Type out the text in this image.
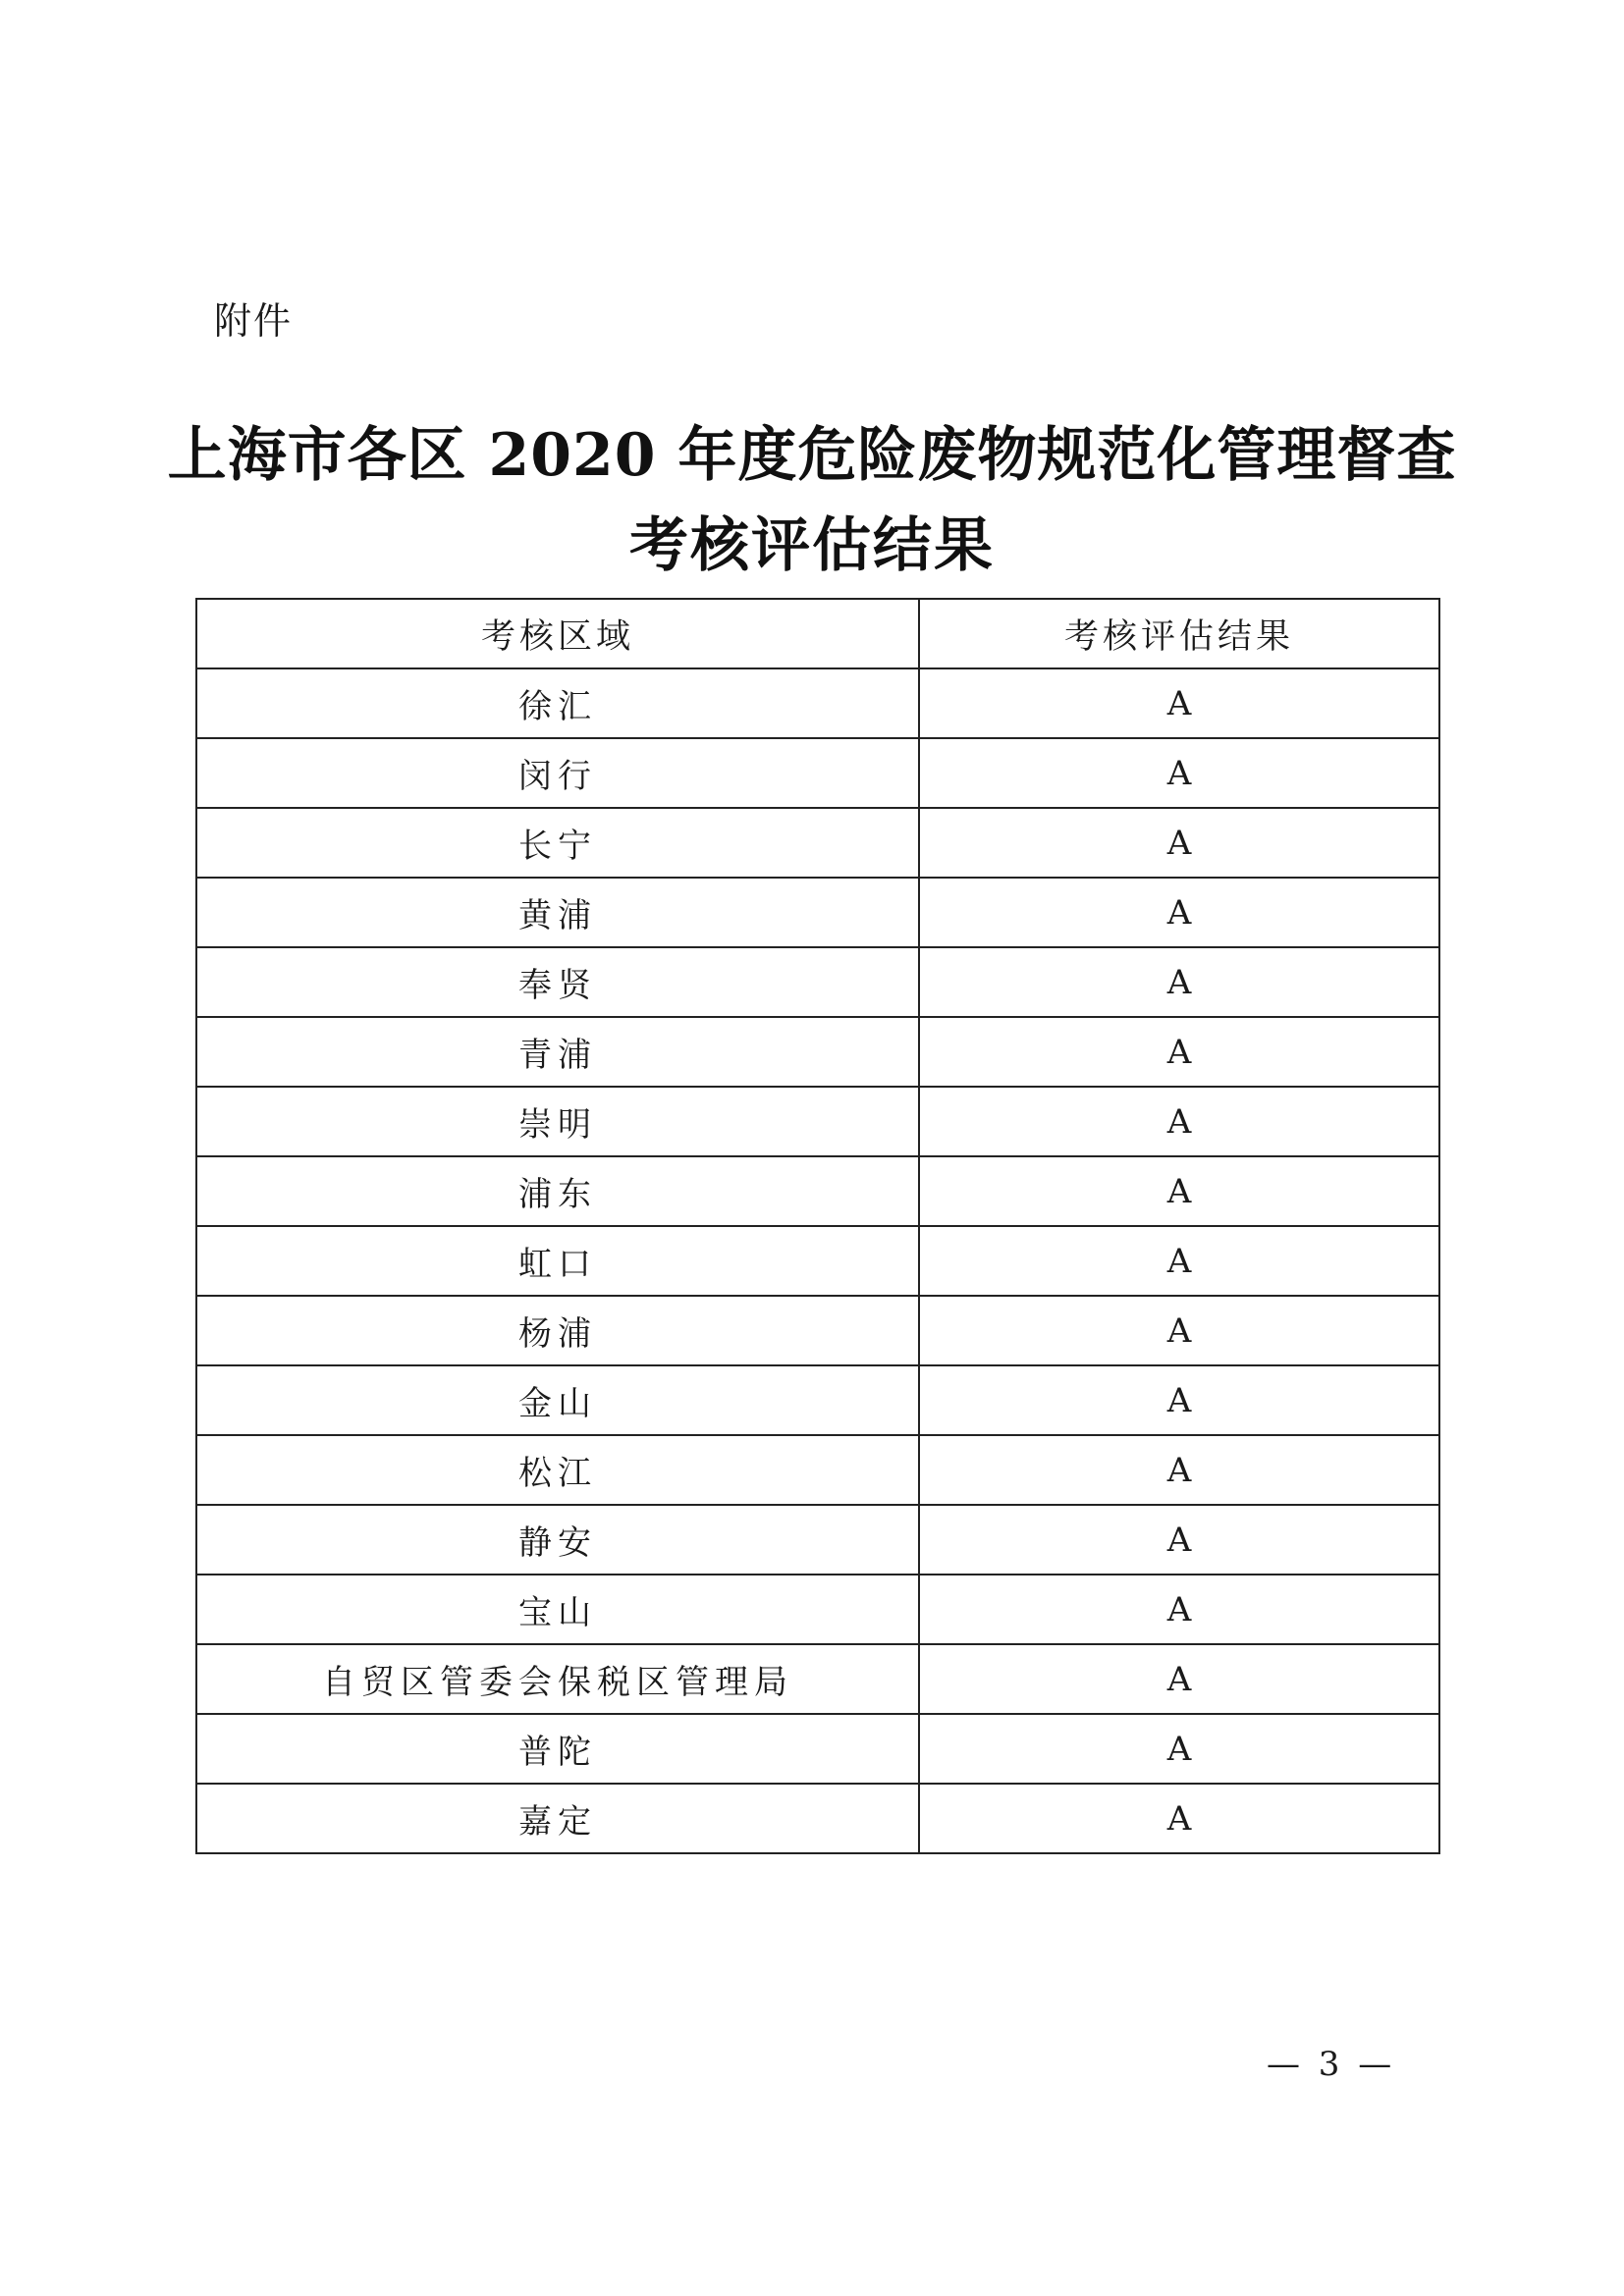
附件
上海市各区 2020 年度危险废物规范化管理督查
考核评估结果
考核区域	考核评估结果
徐汇	A
闵行	A
长宁	A
黄浦	A
奉贤	A
青浦	A
崇明	A
浦东	A
虹口	A
杨浦	A
金山	A
松江	A
静安	A
宝山	A
自贸区管委会保税区管理局	A
普陀	A
嘉定	A
— 3 —
